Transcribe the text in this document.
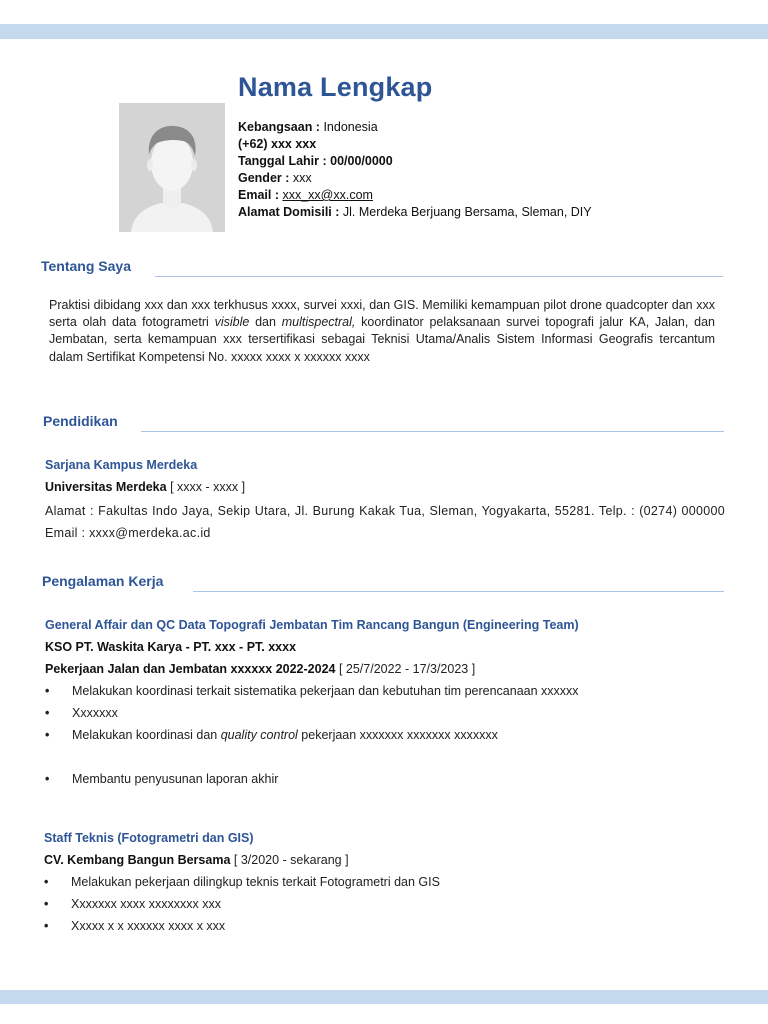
Nama Lengkap
Kebangsaan : Indonesia
(+62) xxx xxx
Tanggal Lahir : 00/00/0000
Gender : xxx
Email : xxx_xx@xx.com
Alamat Domisili : Jl. Merdeka Berjuang Bersama, Sleman, DIY
Tentang Saya

Praktisi dibidang xxx dan xxx terkhusus xxxx, survei xxxi, dan GIS. Memiliki kemampuan pilot drone quadcopter dan xxx serta olah data fotogrametri visible dan multispectral, koordinator pelaksanaan survei topografi jalur KA, Jalan, dan Jembatan, serta kemampuan xxx tersertifikasi sebagai Teknisi Utama/Analis Sistem Informasi Geografis tercantum dalam Sertifikat Kompetensi No. xxxxx xxxx x xxxxxx xxxx

Pendidikan
Sarjana Kampus Merdeka
Universitas Merdeka [ xxxx - xxxx ]

Alamat : Fakultas Indo Jaya, Sekip Utara, Jl. Burung Kakak Tua, Sleman, Yogyakarta, 55281. Telp. : (0274) 000000 Email : xxxx@merdeka.ac.id

Pengalaman Kerja
General Affair dan QC Data Topografi Jembatan Tim Rancang Bangun (Engineering Team)
KSO PT. Waskita Karya - PT. xxx - PT. xxxx
Pekerjaan Jalan dan Jembatan xxxxxx 2022-2024 [ 25/7/2022 - 17/3/2023 ]
• Melakukan koordinasi terkait sistematika pekerjaan dan kebutuhan tim perencanaan xxxxxx
• Xxxxxxx
• Melakukan koordinasi dan quality control pekerjaan xxxxxxx xxxxxxx xxxxxxx
• Membantu penyusunan laporan akhir
Staff Teknis (Fotogrametri dan GIS)
CV. Kembang Bangun Bersama [ 3/2020 - sekarang ]
• Melakukan pekerjaan dilingkup teknis terkait Fotogrametri dan GIS
• Xxxxxxx xxxx xxxxxxxx xxx
• Xxxxx x x xxxxxx xxxx x xxx
